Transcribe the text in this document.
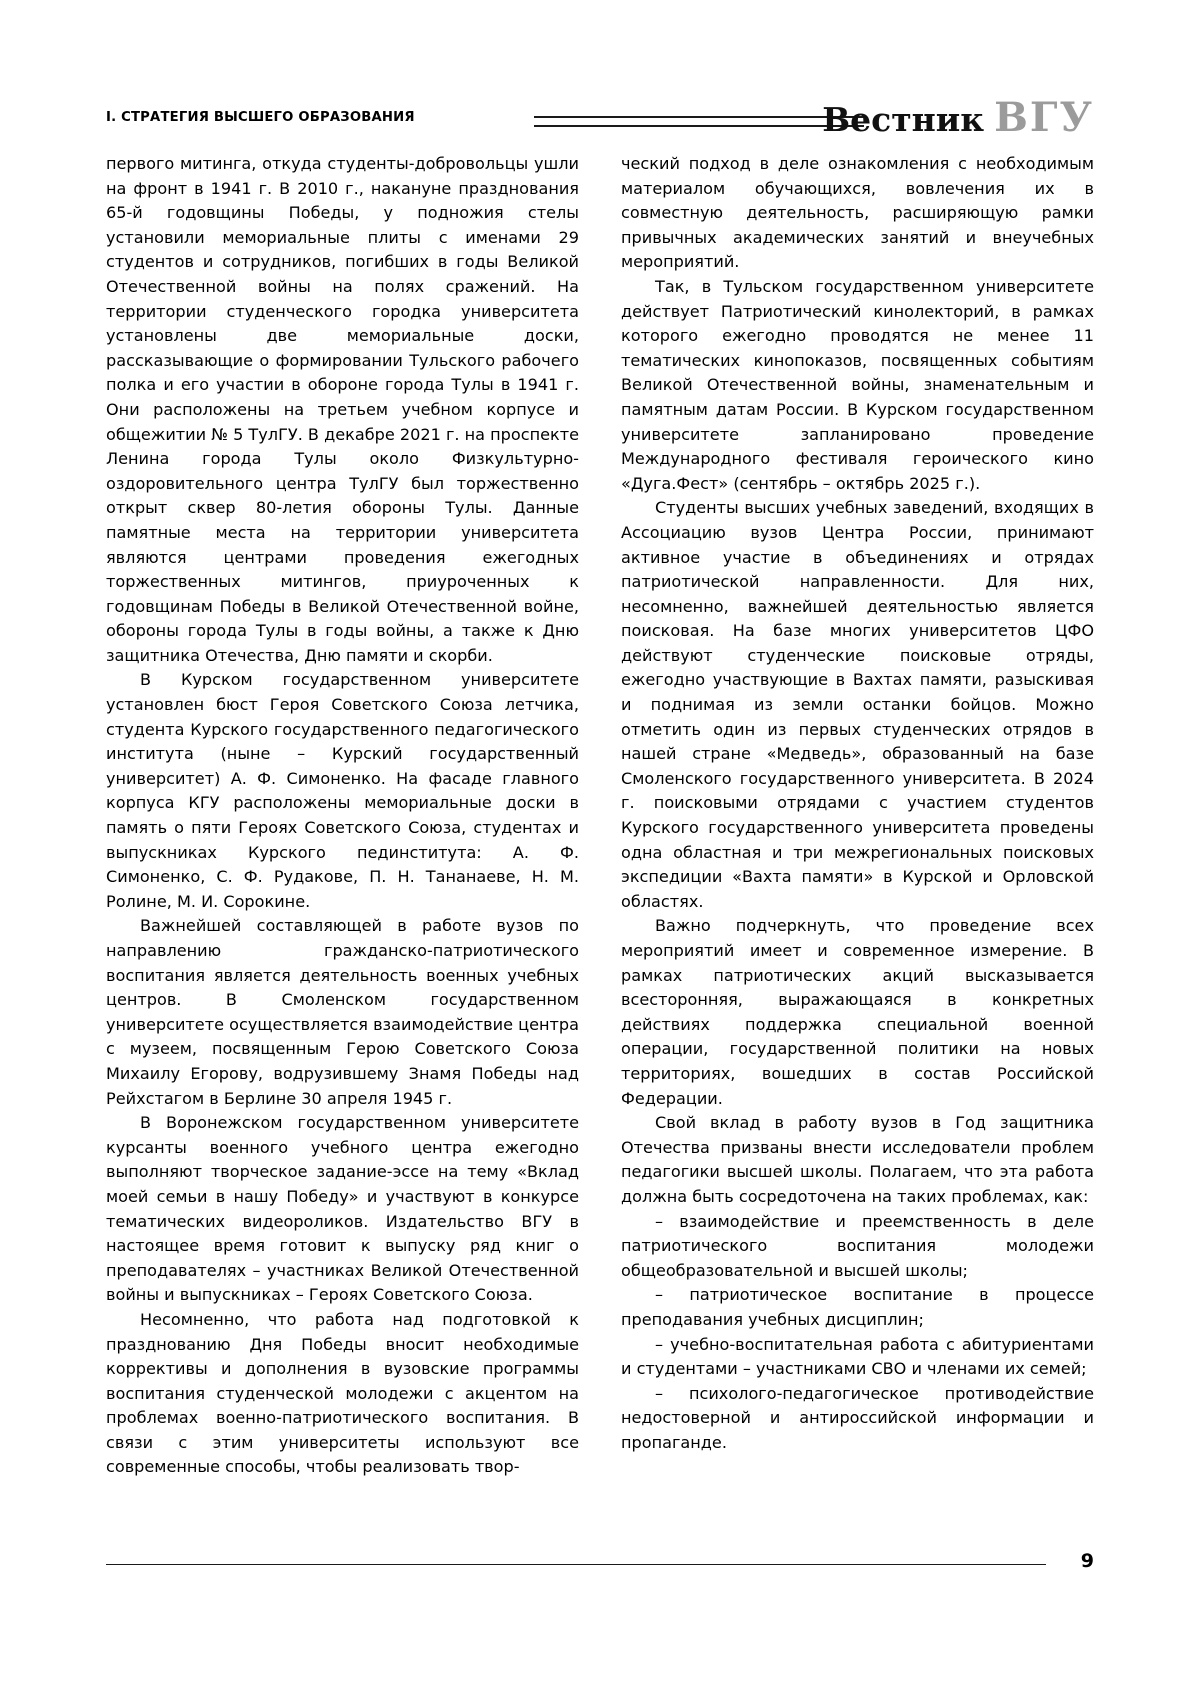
I. СТРАТЕГИЯ ВЫСШЕГО ОБРАЗОВАНИЯ	Вестник ВГУ

первого митинга, откуда студенты-добровольцы ушли на фронт в 1941 г. В 2010 г., накануне празднования 65-й годовщины Победы, у подножия стелы установили мемориальные плиты с именами 29 студентов и сотрудников, погибших в годы Великой Отечественной войны на полях сражений. На территории студенческого городка университета установлены две мемориальные доски, рассказывающие о формировании Тульского рабочего полка и его участии в обороне города Тулы в 1941 г. Они расположены на третьем учебном корпусе и общежитии № 5 ТулГУ. В декабре 2021 г. на проспекте Ленина города Тулы около Физкультурно-оздоровительного центра ТулГУ был торжественно открыт сквер 80-летия обороны Тулы. Данные памятные места на территории университета являются центрами проведения ежегодных торжественных митингов, приуроченных к годовщинам Победы в Великой Отечественной войне, обороны города Тулы в годы войны, а также к Дню защитника Отечества, Дню памяти и скорби.

В Курском государственном университете установлен бюст Героя Советского Союза летчика, студента Курского государственного педагогического института (ныне – Курский государственный университет) А. Ф. Симоненко. На фасаде главного корпуса КГУ расположены мемориальные доски в память о пяти Героях Советского Союза, студентах и выпускниках Курского пединститута: А. Ф. Симоненко, С. Ф. Рудакове, П. Н. Тананаеве, Н. М. Ролине, М. И. Сорокине.

Важнейшей составляющей в работе вузов по направлению гражданско-патриотического воспитания является деятельность военных учебных центров. В Смоленском государственном университете осуществляется взаимодействие центра с музеем, посвященным Герою Советского Союза Михаилу Егорову, водрузившему Знамя Победы над Рейхстагом в Берлине 30 апреля 1945 г.

В Воронежском государственном университете курсанты военного учебного центра ежегодно выполняют творческое задание-эссе на тему «Вклад моей семьи в нашу Победу» и участвуют в конкурсе тематических видеороликов. Издательство ВГУ в настоящее время готовит к выпуску ряд книг о преподавателях – участниках Великой Отечественной войны и выпускниках – Героях Советского Союза.

Несомненно, что работа над подготовкой к празднованию Дня Победы вносит необходимые коррективы и дополнения в вузовские программы воспитания студенческой молодежи с акцентом на проблемах военно-патриотического воспитания. В связи с этим университеты используют все современные способы, чтобы реализовать твор-

ческий подход в деле ознакомления с необходимым материалом обучающихся, вовлечения их в совместную деятельность, расширяющую рамки привычных академических занятий и внеучебных мероприятий.

Так, в Тульском государственном университете действует Патриотический кинолекторий, в рамках которого ежегодно проводятся не менее 11 тематических кинопоказов, посвященных событиям Великой Отечественной войны, знаменательным и памятным датам России. В Курском государственном университете запланировано проведение Международного фестиваля героического кино «Дуга.Фест» (сентябрь – октябрь 2025 г.).

Студенты высших учебных заведений, входящих в Ассоциацию вузов Центра России, принимают активное участие в объединениях и отрядах патриотической направленности. Для них, несомненно, важнейшей деятельностью является поисковая. На базе многих университетов ЦФО действуют студенческие поисковые отряды, ежегодно участвующие в Вахтах памяти, разыскивая и поднимая из земли останки бойцов. Можно отметить один из первых студенческих отрядов в нашей стране «Медведь», образованный на базе Смоленского государственного университета. В 2024 г. поисковыми отрядами с участием студентов Курского государственного университета проведены одна областная и три межрегиональных поисковых экспедиции «Вахта памяти» в Курской и Орловской областях.

Важно подчеркнуть, что проведение всех мероприятий имеет и современное измерение. В рамках патриотических акций высказывается всесторонняя, выражающаяся в конкретных действиях поддержка специальной военной операции, государственной политики на новых территориях, вошедших в состав Российской Федерации.

Свой вклад в работу вузов в Год защитника Отечества призваны внести исследователи проблем педагогики высшей школы. Полагаем, что эта работа должна быть сосредоточена на таких проблемах, как:

– взаимодействие и преемственность в деле патриотического воспитания молодежи общеобразовательной и высшей школы;

– патриотическое воспитание в процессе преподавания учебных дисциплин;

– учебно-воспитательная работа с абитуриентами и студентами – участниками СВО и членами их семей;

– психолого-педагогическое противодействие недостоверной и антироссийской информации и пропаганде.

9
